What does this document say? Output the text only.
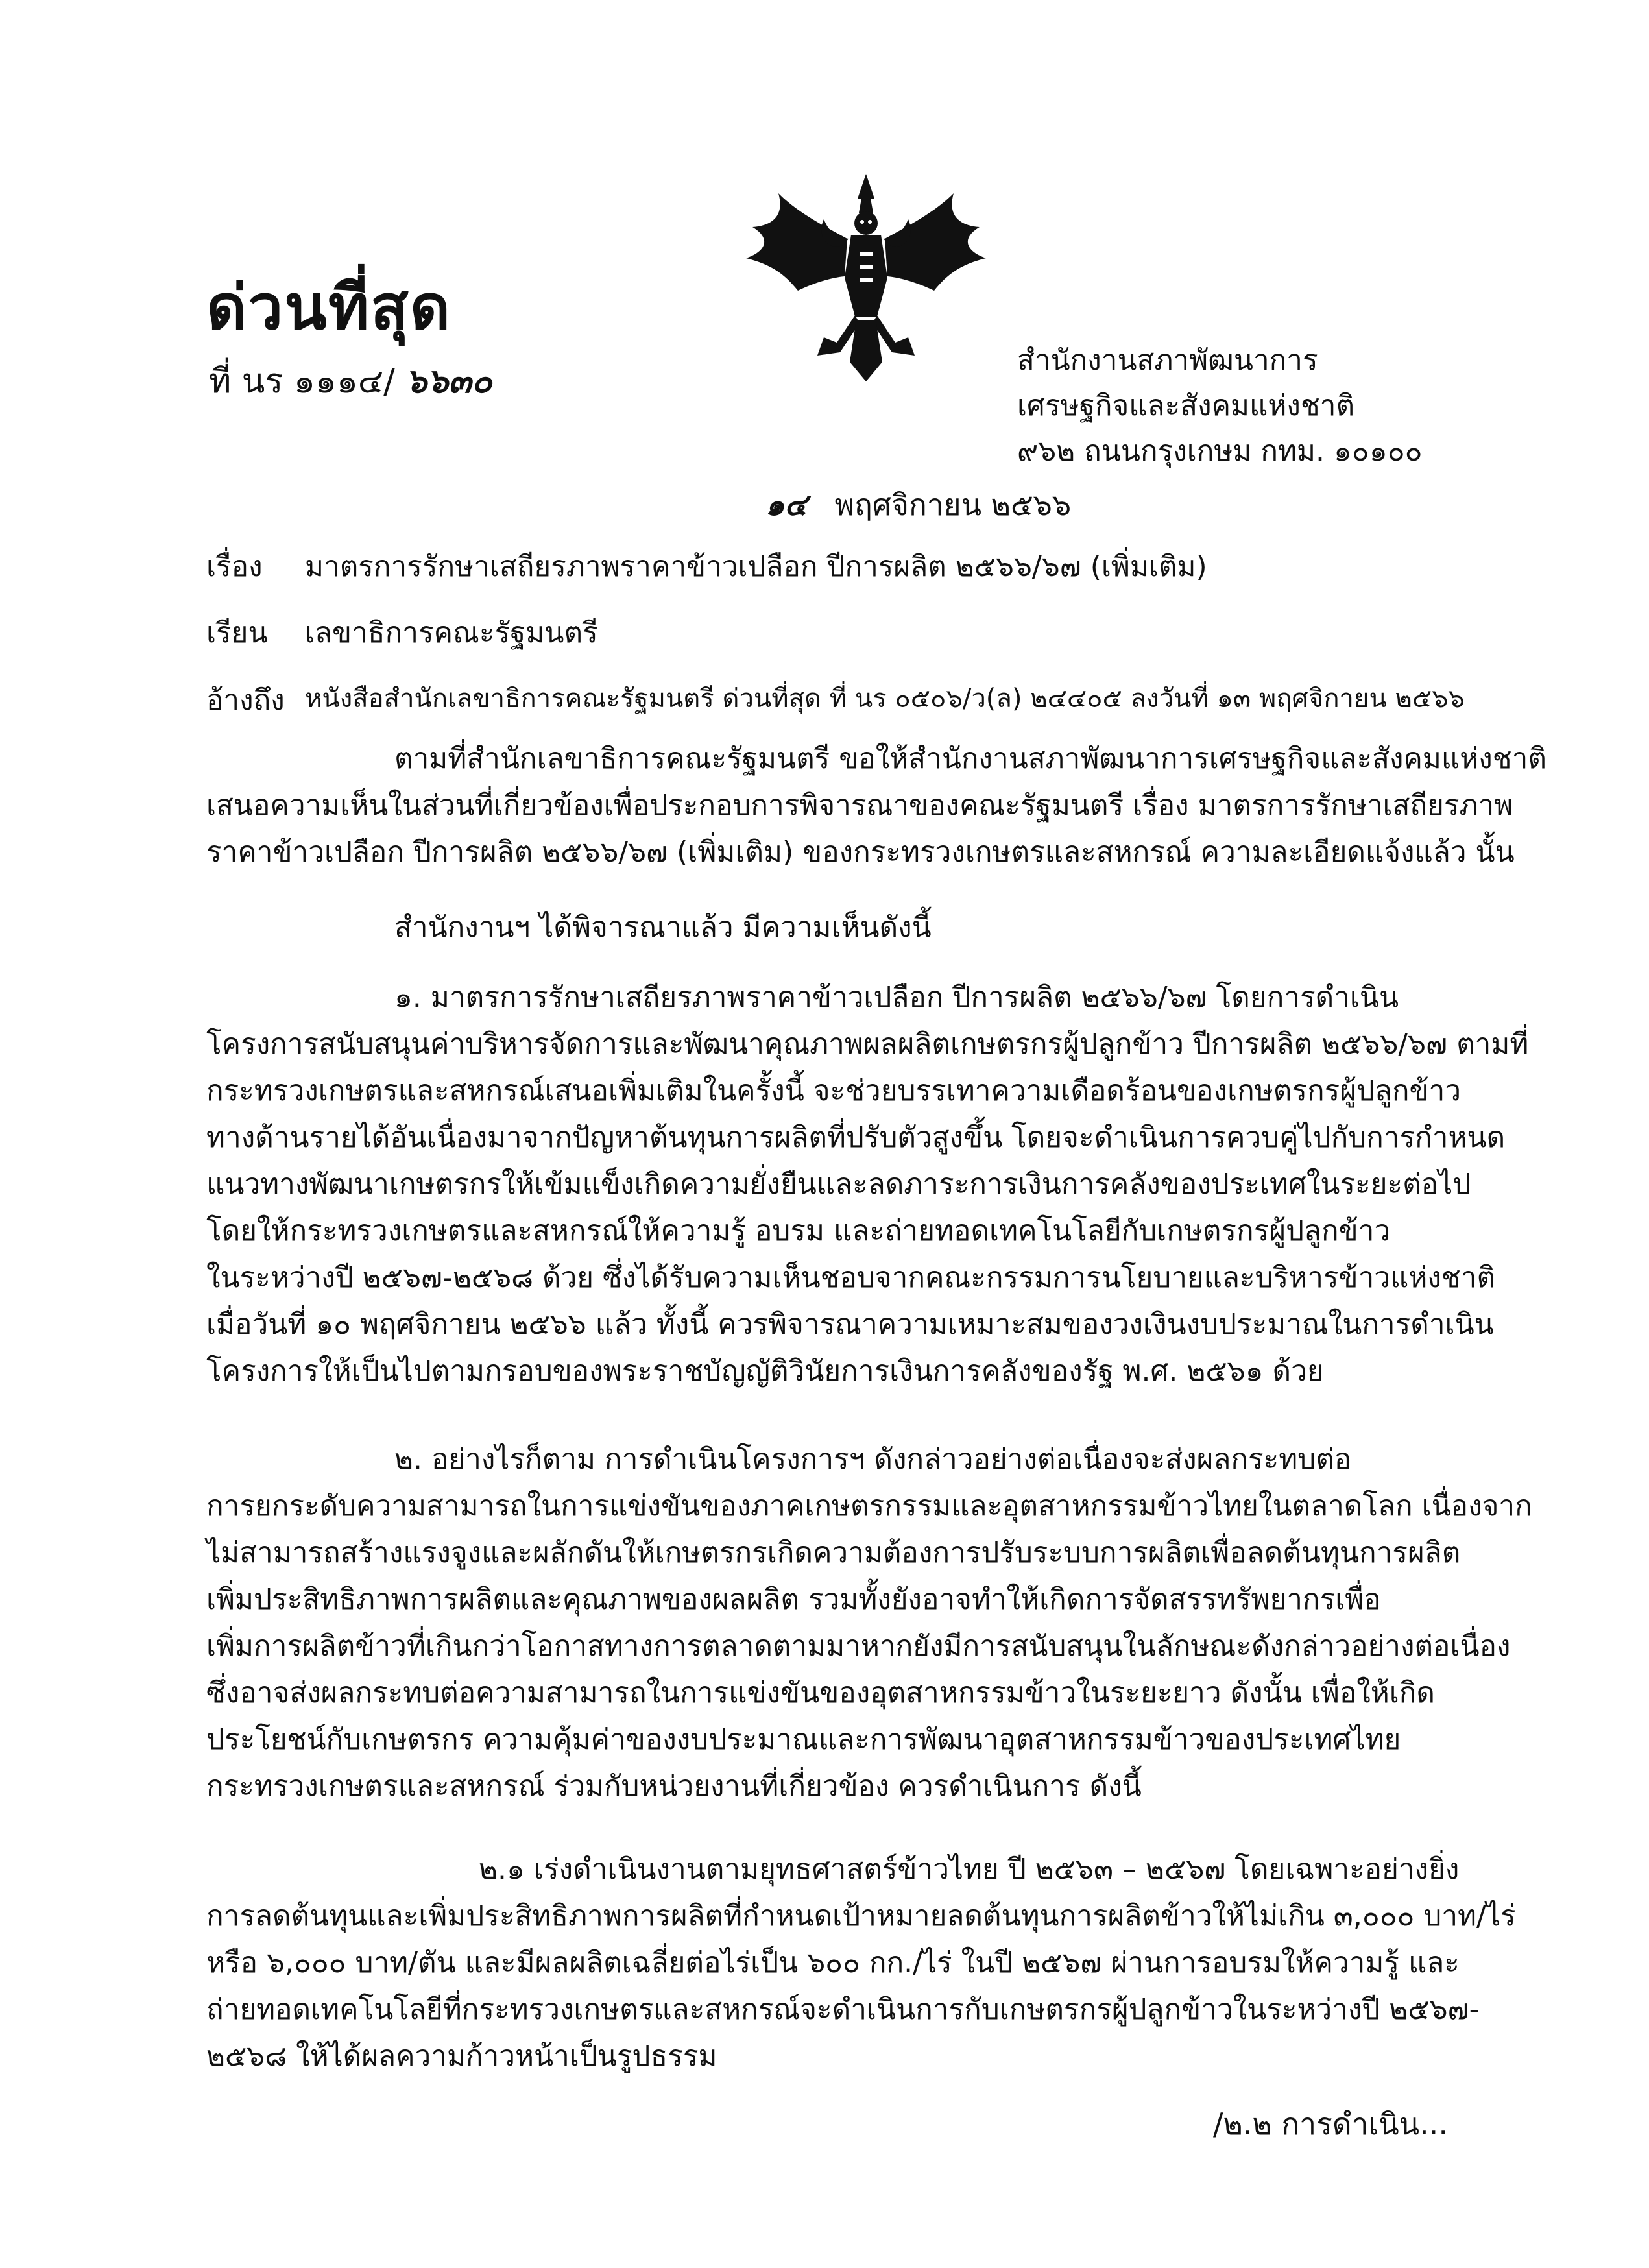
ด่วนที่สุด
ที่ นร ๑๑๑๔/ ๖๖๓๐
สำนักงานสภาพัฒนาการ
เศรษฐกิจและสังคมแห่งชาติ
๙๖๒ ถนนกรุงเกษม กทม. ๑๐๑๐๐
๑๔ พฤศจิกายน ๒๕๖๖
เรื่อง มาตรการรักษาเสถียรภาพราคาข้าวเปลือก ปีการผลิต ๒๕๖๖/๖๗ (เพิ่มเติม)
เรียน เลขาธิการคณะรัฐมนตรี
อ้างถึง หนังสือสำนักเลขาธิการคณะรัฐมนตรี ด่วนที่สุด ที่ นร ๐๕๐๖/ว(ล) ๒๔๔๐๕ ลงวันที่ ๑๓ พฤศจิกายน ๒๕๖๖
ตามที่สำนักเลขาธิการคณะรัฐมนตรี ขอให้สำนักงานสภาพัฒนาการเศรษฐกิจและสังคมแห่งชาติ
เสนอความเห็นในส่วนที่เกี่ยวข้องเพื่อประกอบการพิจารณาของคณะรัฐมนตรี เรื่อง มาตรการรักษาเสถียรภาพ
ราคาข้าวเปลือก ปีการผลิต ๒๕๖๖/๖๗ (เพิ่มเติม) ของกระทรวงเกษตรและสหกรณ์ ความละเอียดแจ้งแล้ว นั้น
สำนักงานฯ ได้พิจารณาแล้ว มีความเห็นดังนี้
๑. มาตรการรักษาเสถียรภาพราคาข้าวเปลือก ปีการผลิต ๒๕๖๖/๖๗ โดยการดำเนิน
โครงการสนับสนุนค่าบริหารจัดการและพัฒนาคุณภาพผลผลิตเกษตรกรผู้ปลูกข้าว ปีการผลิต ๒๕๖๖/๖๗ ตามที่
กระทรวงเกษตรและสหกรณ์เสนอเพิ่มเติมในครั้งนี้ จะช่วยบรรเทาความเดือดร้อนของเกษตรกรผู้ปลูกข้าว
ทางด้านรายได้อันเนื่องมาจากปัญหาต้นทุนการผลิตที่ปรับตัวสูงขึ้น โดยจะดำเนินการควบคู่ไปกับการกำหนด
แนวทางพัฒนาเกษตรกรให้เข้มแข็งเกิดความยั่งยืนและลดภาระการเงินการคลังของประเทศในระยะต่อไป
โดยให้กระทรวงเกษตรและสหกรณ์ให้ความรู้ อบรม และถ่ายทอดเทคโนโลยีกับเกษตรกรผู้ปลูกข้าว
ในระหว่างปี ๒๕๖๗-๒๕๖๘ ด้วย ซึ่งได้รับความเห็นชอบจากคณะกรรมการนโยบายและบริหารข้าวแห่งชาติ
เมื่อวันที่ ๑๐ พฤศจิกายน ๒๕๖๖ แล้ว ทั้งนี้ ควรพิจารณาความเหมาะสมของวงเงินงบประมาณในการดำเนิน
โครงการให้เป็นไปตามกรอบของพระราชบัญญัติวินัยการเงินการคลังของรัฐ พ.ศ. ๒๕๖๑ ด้วย
๒. อย่างไรก็ตาม การดำเนินโครงการฯ ดังกล่าวอย่างต่อเนื่องจะส่งผลกระทบต่อ
การยกระดับความสามารถในการแข่งขันของภาคเกษตรกรรมและอุตสาหกรรมข้าวไทยในตลาดโลก เนื่องจาก
ไม่สามารถสร้างแรงจูงและผลักดันให้เกษตรกรเกิดความต้องการปรับระบบการผลิตเพื่อลดต้นทุนการผลิต
เพิ่มประสิทธิภาพการผลิตและคุณภาพของผลผลิต รวมทั้งยังอาจทำให้เกิดการจัดสรรทรัพยากรเพื่อ
เพิ่มการผลิตข้าวที่เกินกว่าโอกาสทางการตลาดตามมาหากยังมีการสนับสนุนในลักษณะดังกล่าวอย่างต่อเนื่อง
ซึ่งอาจส่งผลกระทบต่อความสามารถในการแข่งขันของอุตสาหกรรมข้าวในระยะยาว ดังนั้น เพื่อให้เกิด
ประโยชน์กับเกษตรกร ความคุ้มค่าของงบประมาณและการพัฒนาอุตสาหกรรมข้าวของประเทศไทย
กระทรวงเกษตรและสหกรณ์ ร่วมกับหน่วยงานที่เกี่ยวข้อง ควรดำเนินการ ดังนี้
๒.๑ เร่งดำเนินงานตามยุทธศาสตร์ข้าวไทย ปี ๒๕๖๓ – ๒๕๖๗ โดยเฉพาะอย่างยิ่ง
การลดต้นทุนและเพิ่มประสิทธิภาพการผลิตที่กำหนดเป้าหมายลดต้นทุนการผลิตข้าวให้ไม่เกิน ๓,๐๐๐ บาท/ไร่
หรือ ๖,๐๐๐ บาท/ตัน และมีผลผลิตเฉลี่ยต่อไร่เป็น ๖๐๐ กก./ไร่ ในปี ๒๕๖๗ ผ่านการอบรมให้ความรู้ และ
ถ่ายทอดเทคโนโลยีที่กระทรวงเกษตรและสหกรณ์จะดำเนินการกับเกษตรกรผู้ปลูกข้าวในระหว่างปี ๒๕๖๗-
๒๕๖๘ ให้ได้ผลความก้าวหน้าเป็นรูปธรรม
/๒.๒ การดำเนิน...
